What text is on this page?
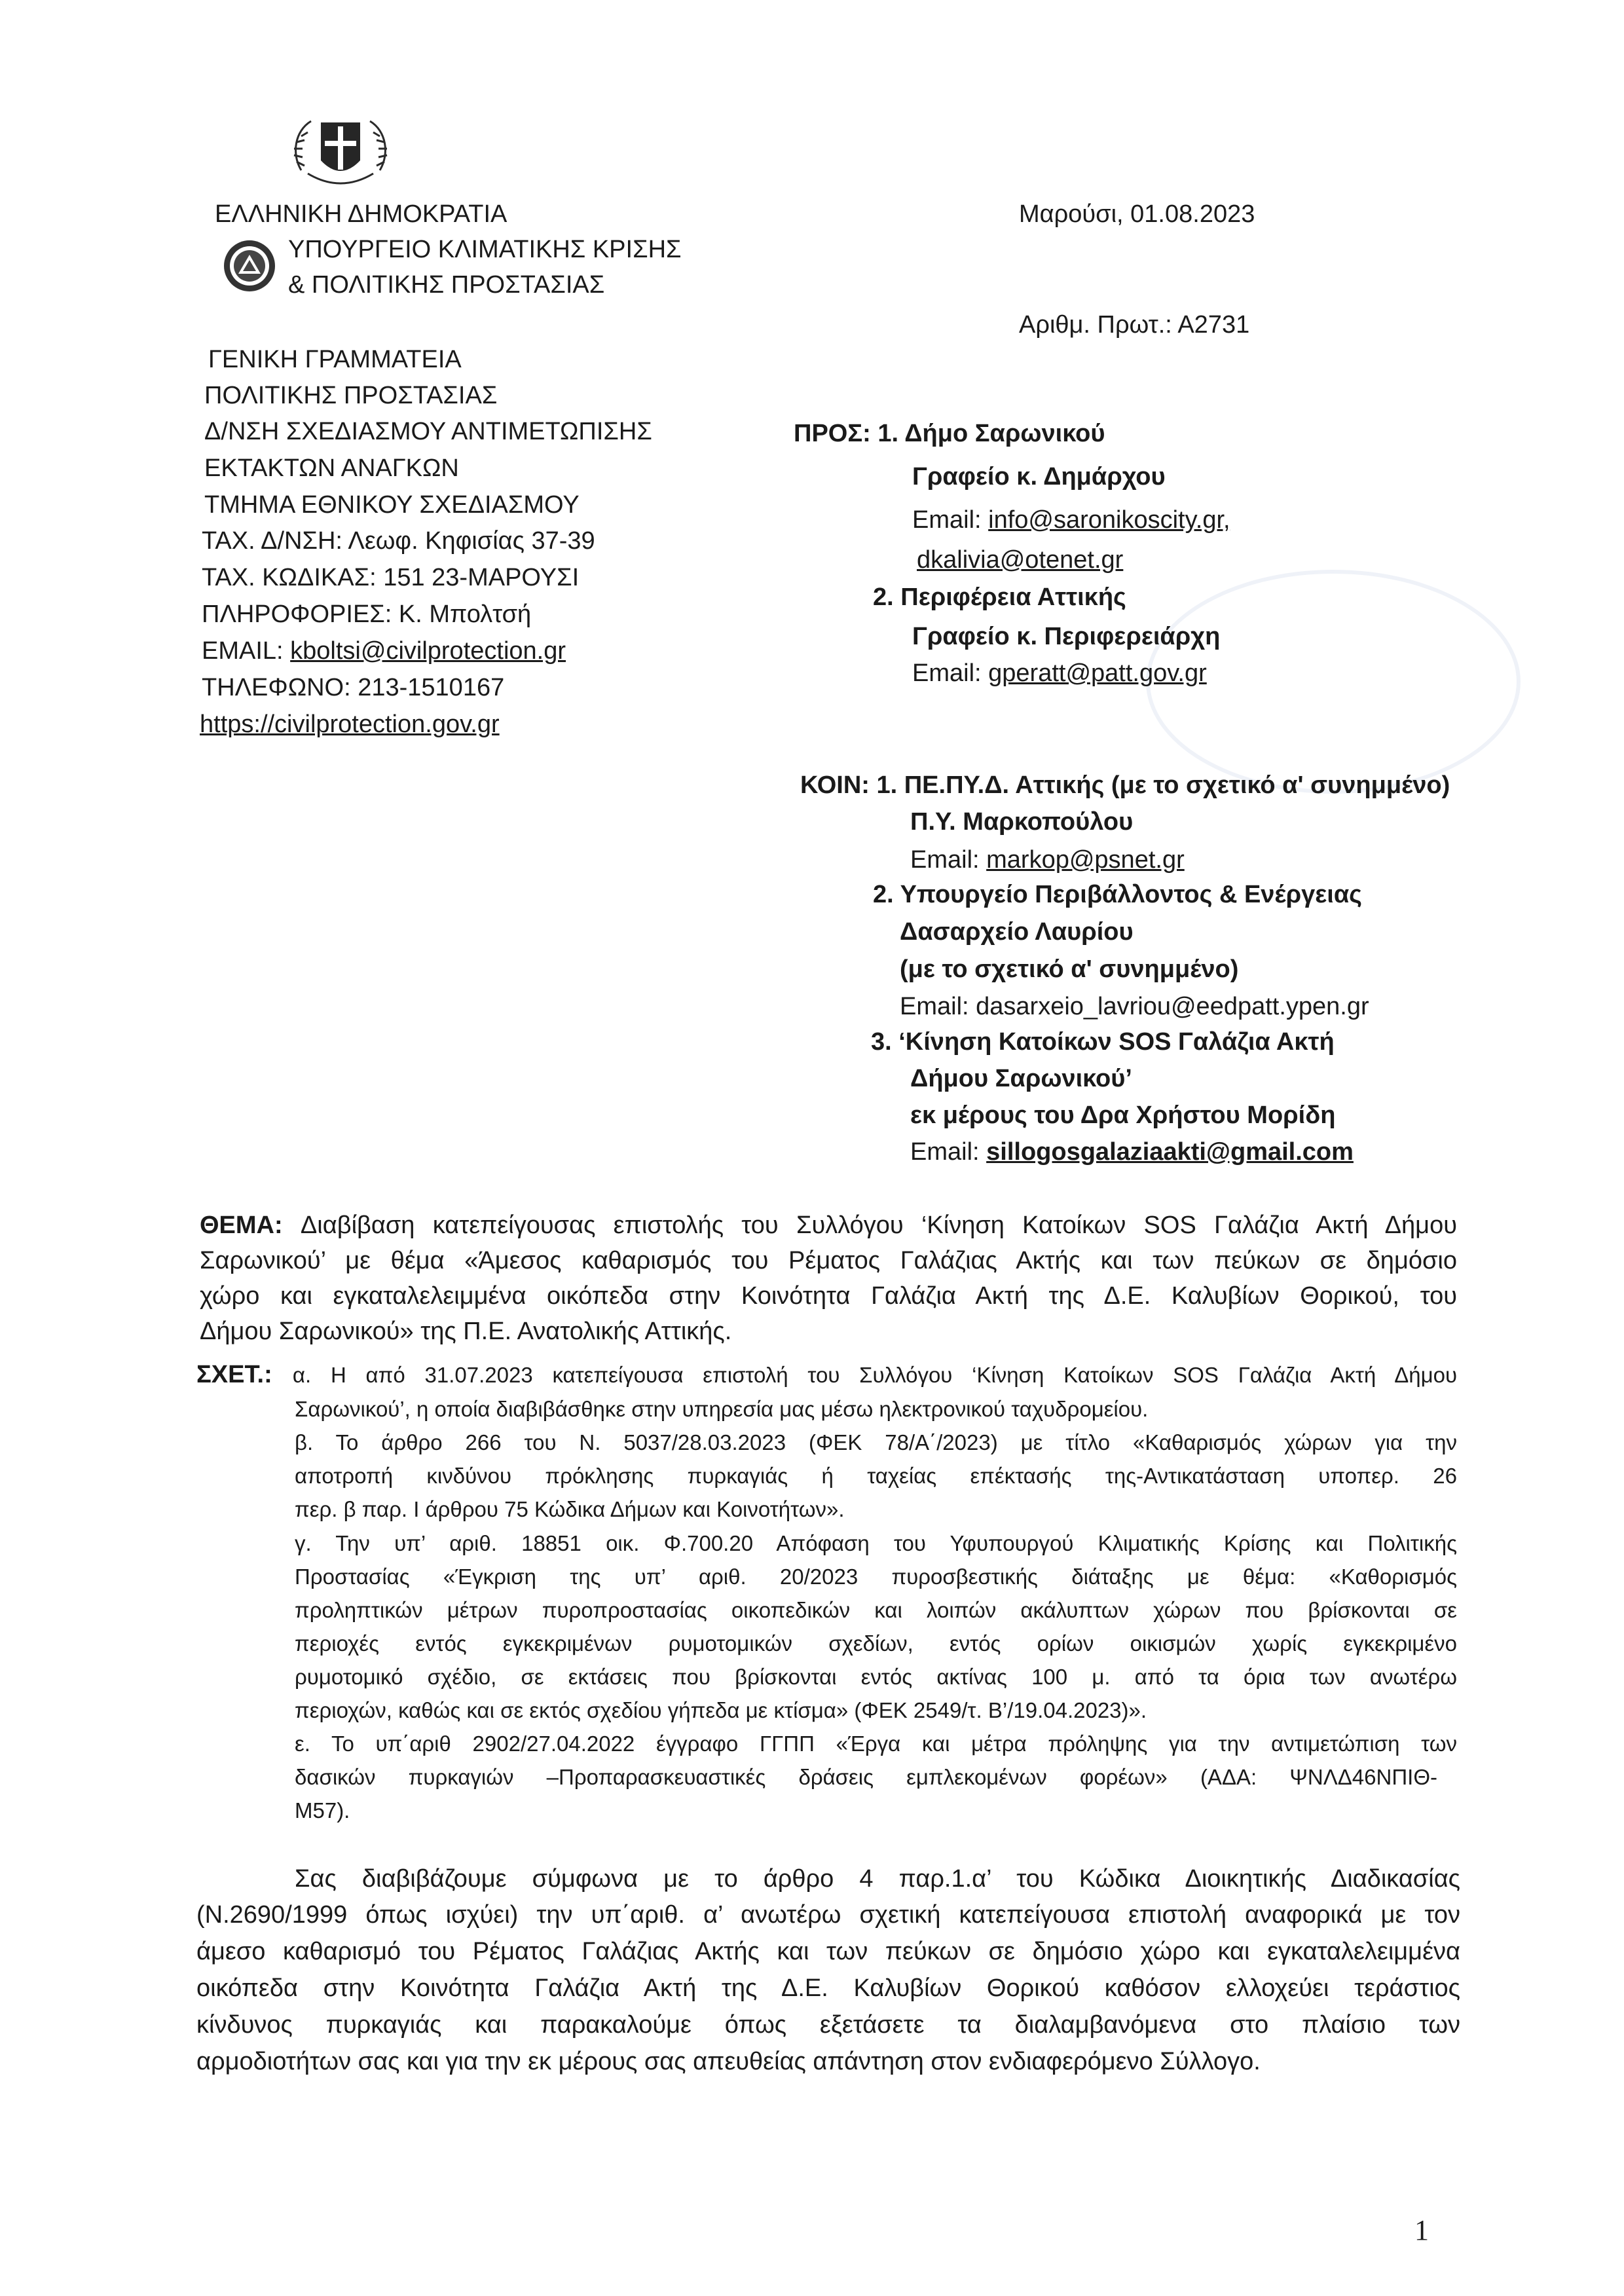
ΕΛΛΗΝΙΚΗ ΔΗΜΟΚΡΑΤΙΑ
ΥΠΟΥΡΓΕΙΟ ΚΛΙΜΑΤΙΚΗΣ ΚΡΙΣΗΣ
& ΠΟΛΙΤΙΚΗΣ ΠΡΟΣΤΑΣΙΑΣ
ΓΕΝΙΚΗ ΓΡΑΜΜΑΤΕΙΑ
ΠΟΛΙΤΙΚΗΣ ΠΡΟΣΤΑΣΙΑΣ
Δ/ΝΣΗ ΣΧΕΔΙΑΣΜΟΥ ΑΝΤΙΜΕΤΩΠΙΣΗΣ
ΕΚΤΑΚΤΩΝ ΑΝΑΓΚΩΝ
ΤΜΗΜΑ ΕΘΝΙΚΟΥ ΣΧΕΔΙΑΣΜΟΥ
ΤΑΧ. Δ/ΝΣΗ: Λεωφ. Κηφισίας 37-39
ΤΑΧ. ΚΩΔΙΚΑΣ: 151 23-ΜΑΡΟΥΣΙ
ΠΛΗΡΟΦΟΡΙΕΣ: Κ. Μπολτσή
EMAIL: kboltsi@civilprotection.gr
ΤΗΛΕΦΩΝΟ: 213-1510167
https://civilprotection.gov.gr
Μαρούσι, 01.08.2023
Αριθμ. Πρωτ.: Α2731
ΠΡΟΣ: 1. Δήμο Σαρωνικού
Γραφείο κ. Δημάρχου
Email: info@saronikoscity.gr,
dkalivia@otenet.gr
2. Περιφέρεια Αττικής
Γραφείο κ. Περιφερειάρχη
Email: gperatt@patt.gov.gr
ΚΟΙΝ: 1. ΠΕ.ΠΥ.Δ. Αττικής (με το σχετικό α' συνημμένο)
Π.Υ. Μαρκοπούλου
Email: markop@psnet.gr
2. Υπουργείο Περιβάλλοντος & Ενέργειας
Δασαρχείο Λαυρίου
(με το σχετικό α' συνημμένο)
Email: dasarxeio_lavriou@eedpatt.ypen.gr
3. ‘Κίνηση Κατοίκων SOS Γαλάζια Ακτή
Δήμου Σαρωνικού’
εκ μέρους του Δρα Χρήστου Μορίδη
Email: sillogosgalaziaakti@gmail.com
ΘΕΜΑ: Διαβίβαση κατεπείγουσας επιστολής του Συλλόγου ‘Κίνηση Κατοίκων SOS Γαλάζια Ακτή Δήμου
Σαρωνικού’ με θέμα «Άμεσος καθαρισμός του Ρέματος Γαλάζιας Ακτής και των πεύκων σε δημόσιο
χώρο και εγκαταλελειμμένα οικόπεδα στην Κοινότητα Γαλάζια Ακτή της Δ.Ε. Καλυβίων Θορικού, του
Δήμου Σαρωνικού» της Π.Ε. Ανατολικής Αττικής.
ΣΧΕΤ.: α. Η από 31.07.2023 κατεπείγουσα επιστολή του Συλλόγου ‘Κίνηση Κατοίκων SOS Γαλάζια Ακτή Δήμου
Σαρωνικού’, η οποία διαβιβάσθηκε στην υπηρεσία μας μέσω ηλεκτρονικού ταχυδρομείου.
β. Το άρθρο 266 του Ν. 5037/28.03.2023 (ΦΕΚ 78/Α΄/2023) με τίτλο «Καθαρισμός χώρων για την
αποτροπή κινδύνου πρόκλησης πυρκαγιάς ή ταχείας επέκτασής της-Αντικατάσταση υποπερ. 26
περ. β παρ. Ι άρθρου 75 Κώδικα Δήμων και Κοινοτήτων».
γ. Την υπ’ αριθ. 18851 οικ. Φ.700.20 Απόφαση του Υφυπουργού Κλιματικής Κρίσης και Πολιτικής
Προστασίας «Έγκριση της υπ’ αριθ. 20/2023 πυροσβεστικής διάταξης με θέμα: «Καθορισμός
προληπτικών μέτρων πυροπροστασίας οικοπεδικών και λοιπών ακάλυπτων χώρων που βρίσκονται σε
περιοχές εντός εγκεκριμένων ρυμοτομικών σχεδίων, εντός ορίων οικισμών χωρίς εγκεκριμένο
ρυμοτομικό σχέδιο, σε εκτάσεις που βρίσκονται εντός ακτίνας 100 μ. από τα όρια των ανωτέρω
περιοχών, καθώς και σε εκτός σχεδίου γήπεδα με κτίσμα» (ΦΕΚ 2549/τ. Β’/19.04.2023)».
ε. Το υπ΄αριθ 2902/27.04.2022 έγγραφο ΓΓΠΠ «Έργα και μέτρα πρόληψης για την αντιμετώπιση των
δασικών πυρκαγιών –Προπαρασκευαστικές δράσεις εμπλεκομένων φορέων» (ΑΔΑ: ΨΝΛΔ46ΝΠΙΘ-
Μ57).
Σας διαβιβάζουμε σύμφωνα με το άρθρο 4 παρ.1.α’ του Κώδικα Διοικητικής Διαδικασίας
(Ν.2690/1999 όπως ισχύει) την υπ΄αριθ. α’ ανωτέρω σχετική κατεπείγουσα επιστολή αναφορικά με τον
άμεσο καθαρισμό του Ρέματος Γαλάζιας Ακτής και των πεύκων σε δημόσιο χώρο και εγκαταλελειμμένα
οικόπεδα στην Κοινότητα Γαλάζια Ακτή της Δ.Ε. Καλυβίων Θορικού καθόσον ελλοχεύει τεράστιος
κίνδυνος πυρκαγιάς και παρακαλούμε όπως εξετάσετε τα διαλαμβανόμενα στο πλαίσιο των
αρμοδιοτήτων σας και για την εκ μέρους σας απευθείας απάντηση στον ενδιαφερόμενο Σύλλογο.
1
